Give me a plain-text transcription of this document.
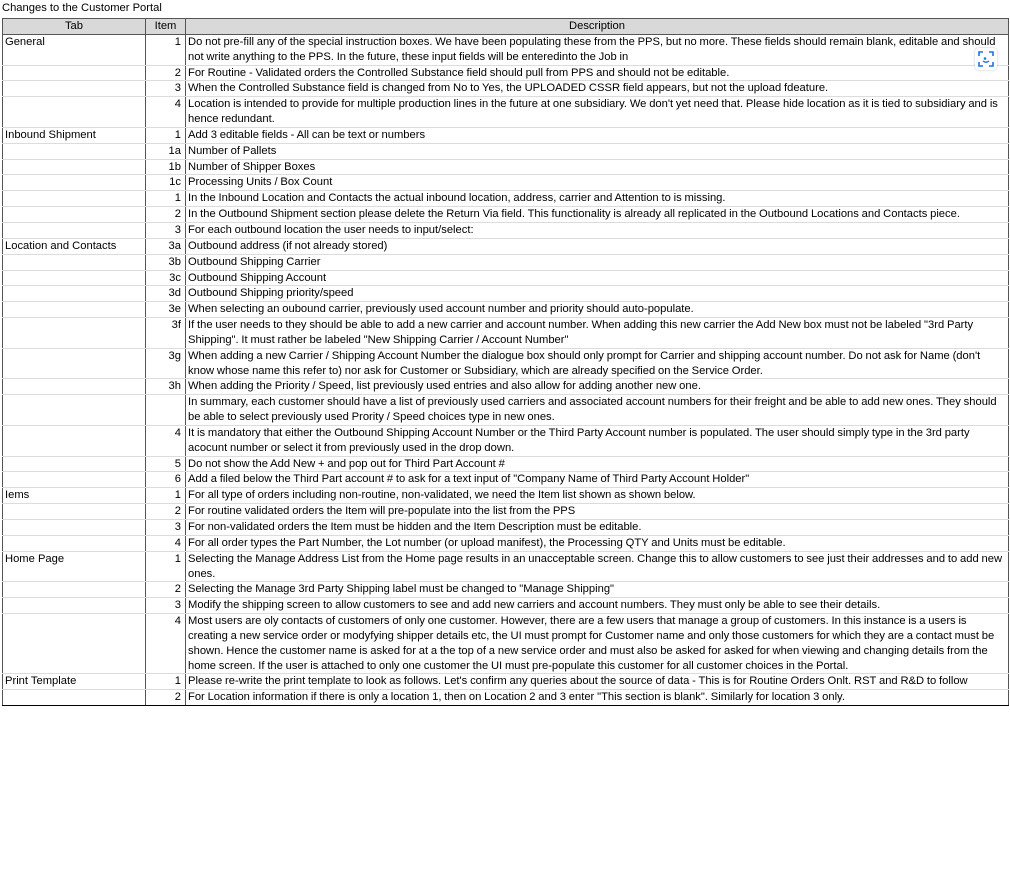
Changes to the Customer Portal
Tab	Item	Description
General	1	Do not pre-fill any of the special instruction boxes. We have been populating these from the PPS, but no more. These fields should remain blank, editable and should not write anything to the PPS. In the future, these input fields will be enteredinto the Job in
	2	For Routine - Validated orders the Controlled Substance field should pull from PPS and should not be editable.
	3	When the Controlled Substance field is changed from No to Yes, the UPLOADED CSSR field appears, but not the upload fdeature.
	4	Location is intended to provide for multiple production lines in the future at one subsidiary. We don't yet need that. Please hide location as it is tied to subsidiary and is hence redundant.
Inbound Shipment	1	Add 3 editable fields - All can be text or numbers
	1a	Number of Pallets
	1b	Number of Shipper Boxes
	1c	Processing Units / Box Count
	1	In the Inbound Location and Contacts the actual inbound location, address, carrier and Attention to is missing.
	2	In the Outbound Shipment section please delete the Return Via field. This functionality is already all replicated in the Outbound Locations and Contacts piece.
	3	For each outbound location the user needs to input/select:
Location and Contacts	3a	Outbound address (if not already stored)
	3b	Outbound Shipping Carrier
	3c	Outbound Shipping Account
	3d	Outbound Shipping priority/speed
	3e	When selecting an oubound carrier, previously used account number and priority should auto-populate.
	3f	If the user needs to they should be able to add a new carrier and account number. When adding this new carrier the Add New box must not be labeled "3rd Party Shipping". It must rather be labeled "New Shipping Carrier / Account Number"
	3g	When adding a new Carrier / Shipping Account Number the dialogue box should only prompt for Carrier and shipping account number. Do not ask for Name (don't know whose name this refer to) nor ask for Customer or Subsidiary, which are already specified on the Service Order.
	3h	When adding the Priority / Speed, list previously used entries and also allow for adding another new one.
		In summary, each customer should have a list of previously used carriers and associated account numbers for their freight and be able to add new ones. They should be able to select previously used Prority / Speed choices type in new ones.
	4	It is mandatory that either the Outbound Shipping Account Number or the Third Party Account number is populated. The user should simply type in the 3rd party acocunt number or select it from previously used in the drop down.
	5	Do not show the Add New + and pop out for Third Part Account #
	6	Add a filed below the Third Part account # to ask for a text input of "Company Name of Third Party Account Holder"
Iems	1	For all type of orders including non-routine, non-validated, we need the Item list shown as shown below.
	2	For routine validated orders the Item will pre-populate into the list from the PPS
	3	For non-validated orders the Item must be hidden and the Item Description must be editable.
	4	For all order types the Part Number, the Lot number (or upload manifest), the Processing QTY and Units must be editable.
Home Page	1	Selecting the Manage Address List from the Home page results in an unacceptable screen. Change this to allow customers to see just their addresses and to add new ones.
	2	Selecting the Manage 3rd Party Shipping label must be changed to "Manage Shipping"
	3	Modify the shipping screen to allow customers to see and add new carriers and account numbers. They must only be able to see their details.
	4	Most users are oly contacts of customers of only one customer. However, there are a few users that manage a group of customers. In this instance is a users is creating a new service order or modyfying shipper details etc, the UI must prompt for Customer name and only those customers for which they are a contact must be shown. Hence the customer name is asked for at a the top of a new service order and must also be asked for asked for when viewing and changing details from the home screen. If the user is attached to only one customer the UI must pre-populate this customer for all customer choices in the Portal.
Print Template	1	Please re-write the print template to look as follows. Let's confirm any queries about the source of data - This is for Routine Orders Onlt. RST and R&D to follow
	2	For Location information if there is only a location 1, then on Location 2 and 3 enter "This section is blank". Similarly for location 3 only.
